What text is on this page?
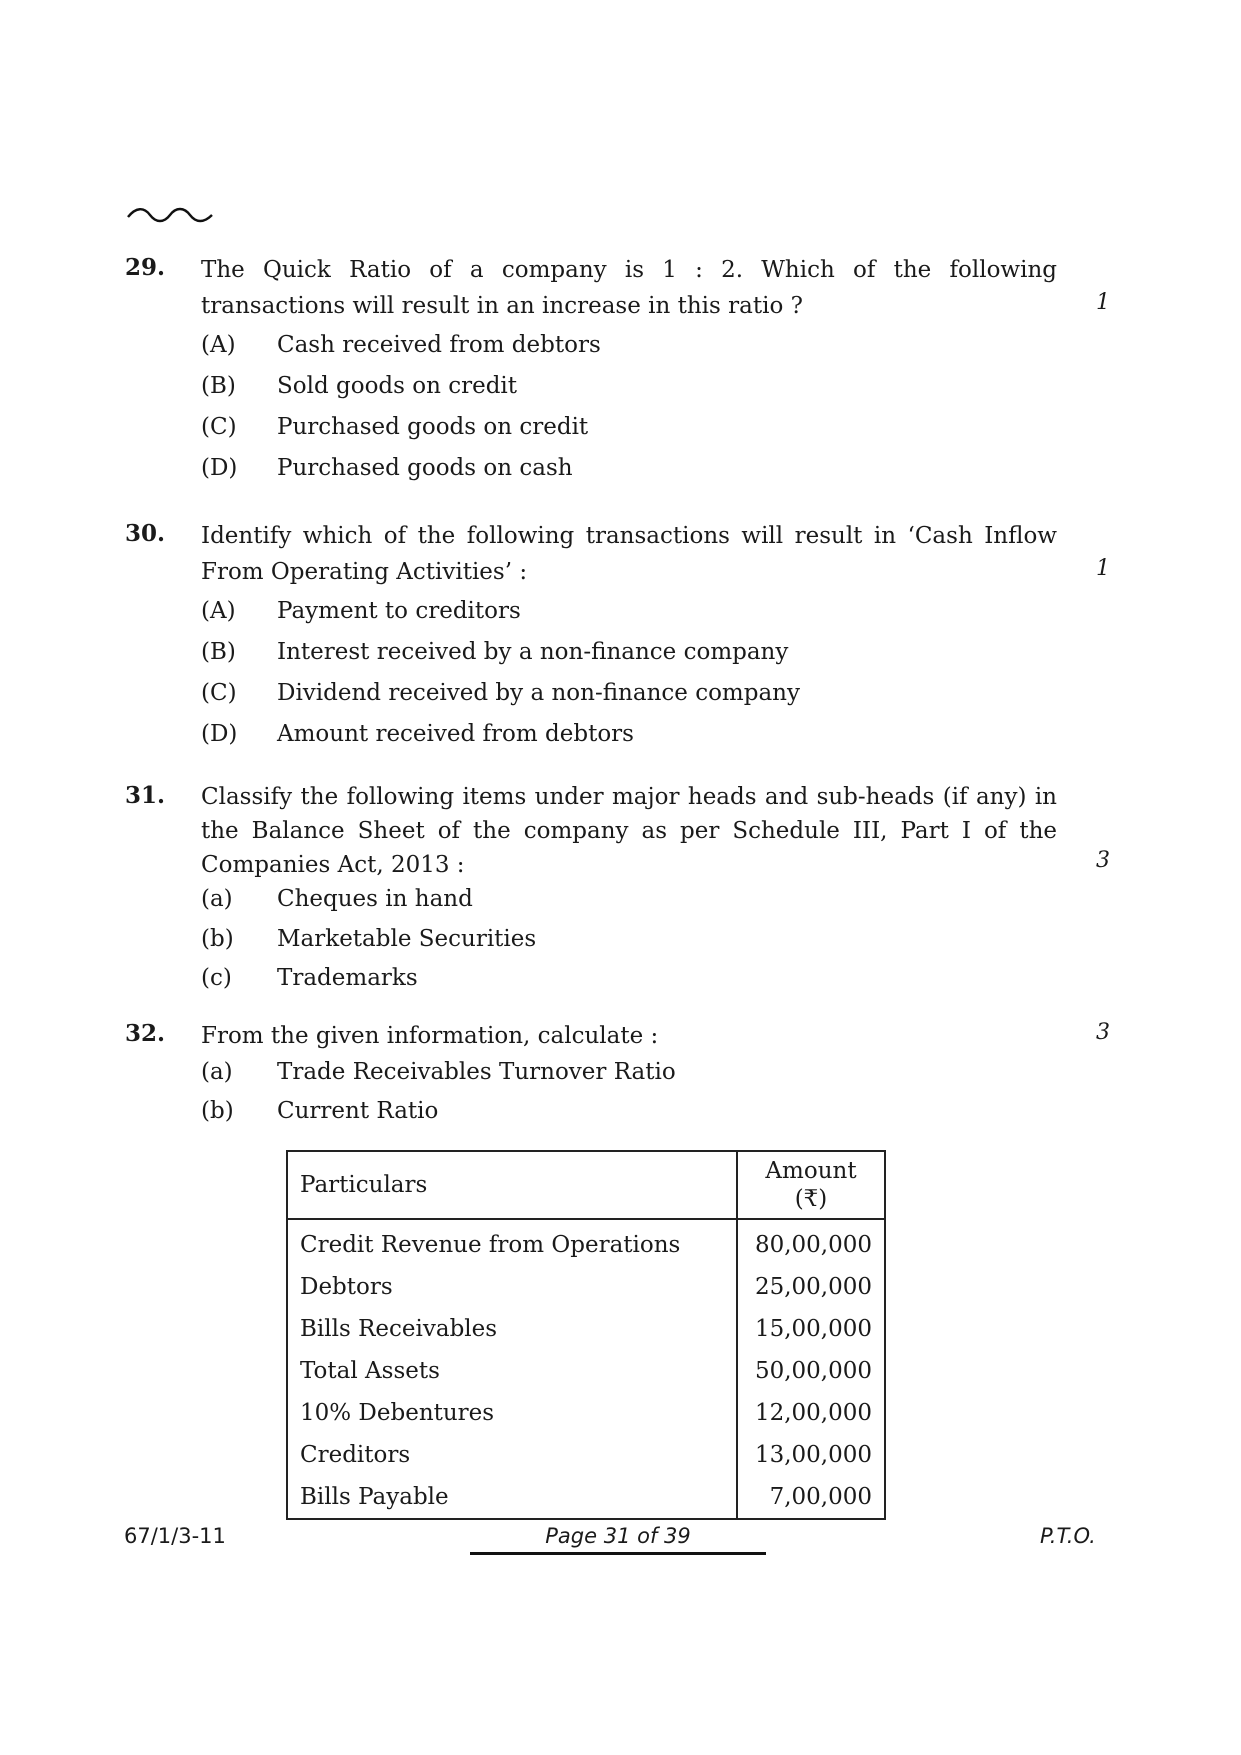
29. The Quick Ratio of a company is 1 : 2. Which of the following transactions will result in an increase in this ratio ?	1
(A) Cash received from debtors
(B) Sold goods on credit
(C) Purchased goods on credit
(D) Purchased goods on cash
30. Identify which of the following transactions will result in ‘Cash Inflow From Operating Activities’ :	1
(A) Payment to creditors
(B) Interest received by a non-finance company
(C) Dividend received by a non-finance company
(D) Amount received from debtors
31. Classify the following items under major heads and sub-heads (if any) in the Balance Sheet of the company as per Schedule III, Part I of the Companies Act, 2013 :	3
(a) Cheques in hand
(b) Marketable Securities
(c) Trademarks
32. From the given information, calculate :	3
(a) Trade Receivables Turnover Ratio
(b) Current Ratio
Particulars	Amount
(₹)

Credit Revenue from Operations	80,00,000
Debtors	25,00,000
Bills Receivables	15,00,000
Total Assets	50,00,000
10% Debentures	12,00,000
Creditors	13,00,000
Bills Payable	7,00,000
67/1/3-11	Page 31 of 39	P.T.O.
